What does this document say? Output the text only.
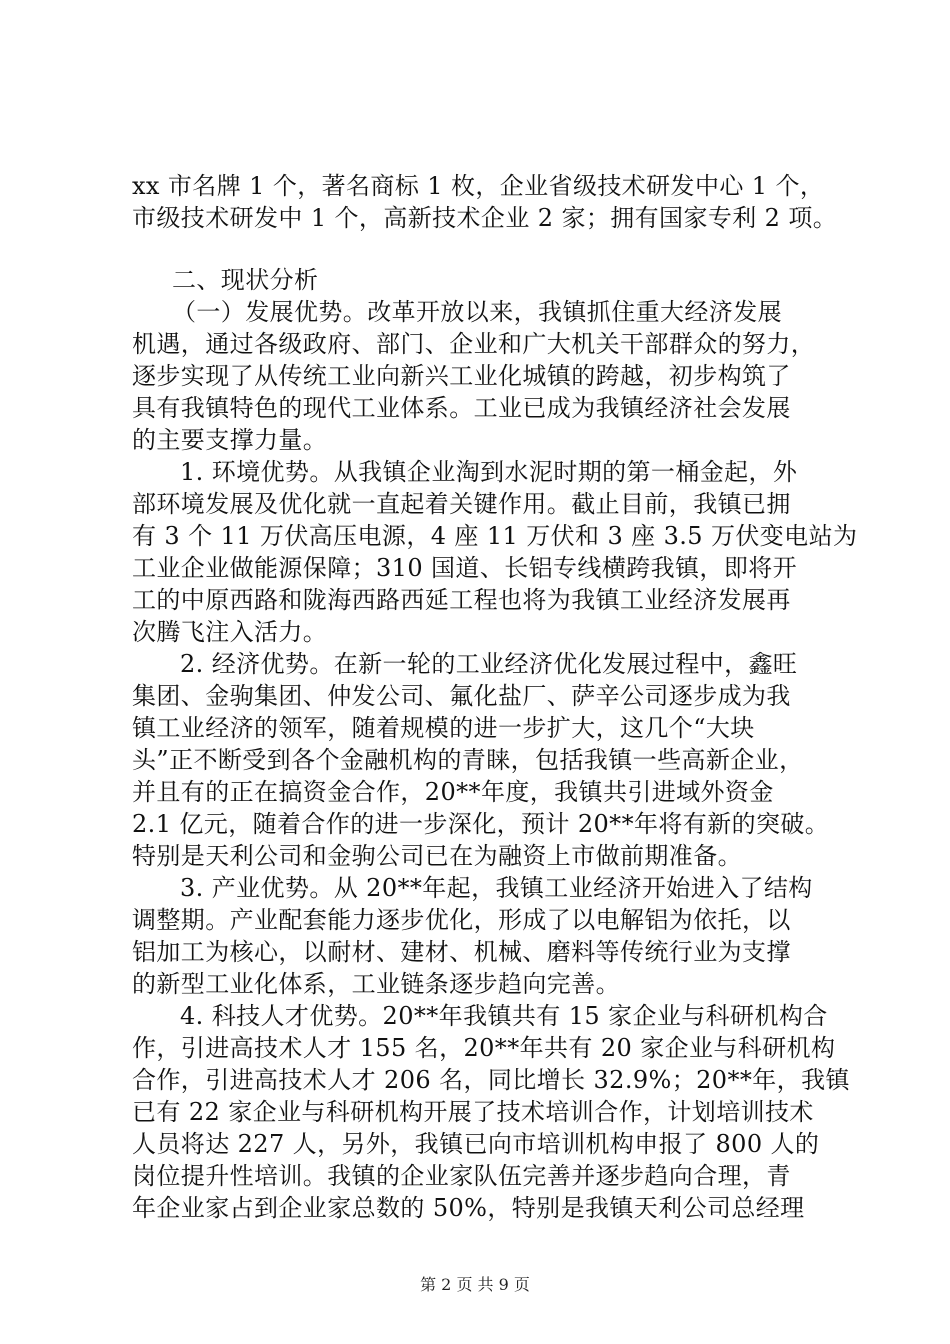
xx 市名牌 1 个，著名商标 1 枚，企业省级技术研发中心 1 个，
市级技术研发中 1 个，高新技术企业 2 家；拥有国家专利 2 项。
二、现状分析
（一）发展优势。改革开放以来，我镇抓住重大经济发展
机遇，通过各级政府、部门、企业和广大机关干部群众的努力，
逐步实现了从传统工业向新兴工业化城镇的跨越，初步构筑了
具有我镇特色的现代工业体系。工业已成为我镇经济社会发展
的主要支撑力量。
1. 环境优势。从我镇企业淘到水泥时期的第一桶金起，外
部环境发展及优化就一直起着关键作用。截止目前，我镇已拥
有 3 个 11 万伏高压电源，4 座 11 万伏和 3 座 3.5 万伏变电站为
工业企业做能源保障；310 国道、长铝专线横跨我镇，即将开
工的中原西路和陇海西路西延工程也将为我镇工业经济发展再
次腾飞注入活力。
2. 经济优势。在新一轮的工业经济优化发展过程中，鑫旺
集团、金驹集团、仲发公司、氟化盐厂、萨辛公司逐步成为我
镇工业经济的领军，随着规模的进一步扩大，这几个“大块
头”正不断受到各个金融机构的青睐，包括我镇一些高新企业，
并且有的正在搞资金合作，20**年度，我镇共引进域外资金
2.1 亿元，随着合作的进一步深化，预计 20**年将有新的突破。
特别是天利公司和金驹公司已在为融资上市做前期准备。
3. 产业优势。从 20**年起，我镇工业经济开始进入了结构
调整期。产业配套能力逐步优化，形成了以电解铝为依托，以
铝加工为核心，以耐材、建材、机械、磨料等传统行业为支撑
的新型工业化体系，工业链条逐步趋向完善。
4. 科技人才优势。20**年我镇共有 15 家企业与科研机构合
作，引进高技术人才 155 名，20**年共有 20 家企业与科研机构
合作，引进高技术人才 206 名，同比增长 32.9%；20**年，我镇
已有 22 家企业与科研机构开展了技术培训合作，计划培训技术
人员将达 227 人，另外，我镇已向市培训机构申报了 800 人的
岗位提升性培训。我镇的企业家队伍完善并逐步趋向合理，青
年企业家占到企业家总数的 50%，特别是我镇天利公司总经理
第 2 页 共 9 页
